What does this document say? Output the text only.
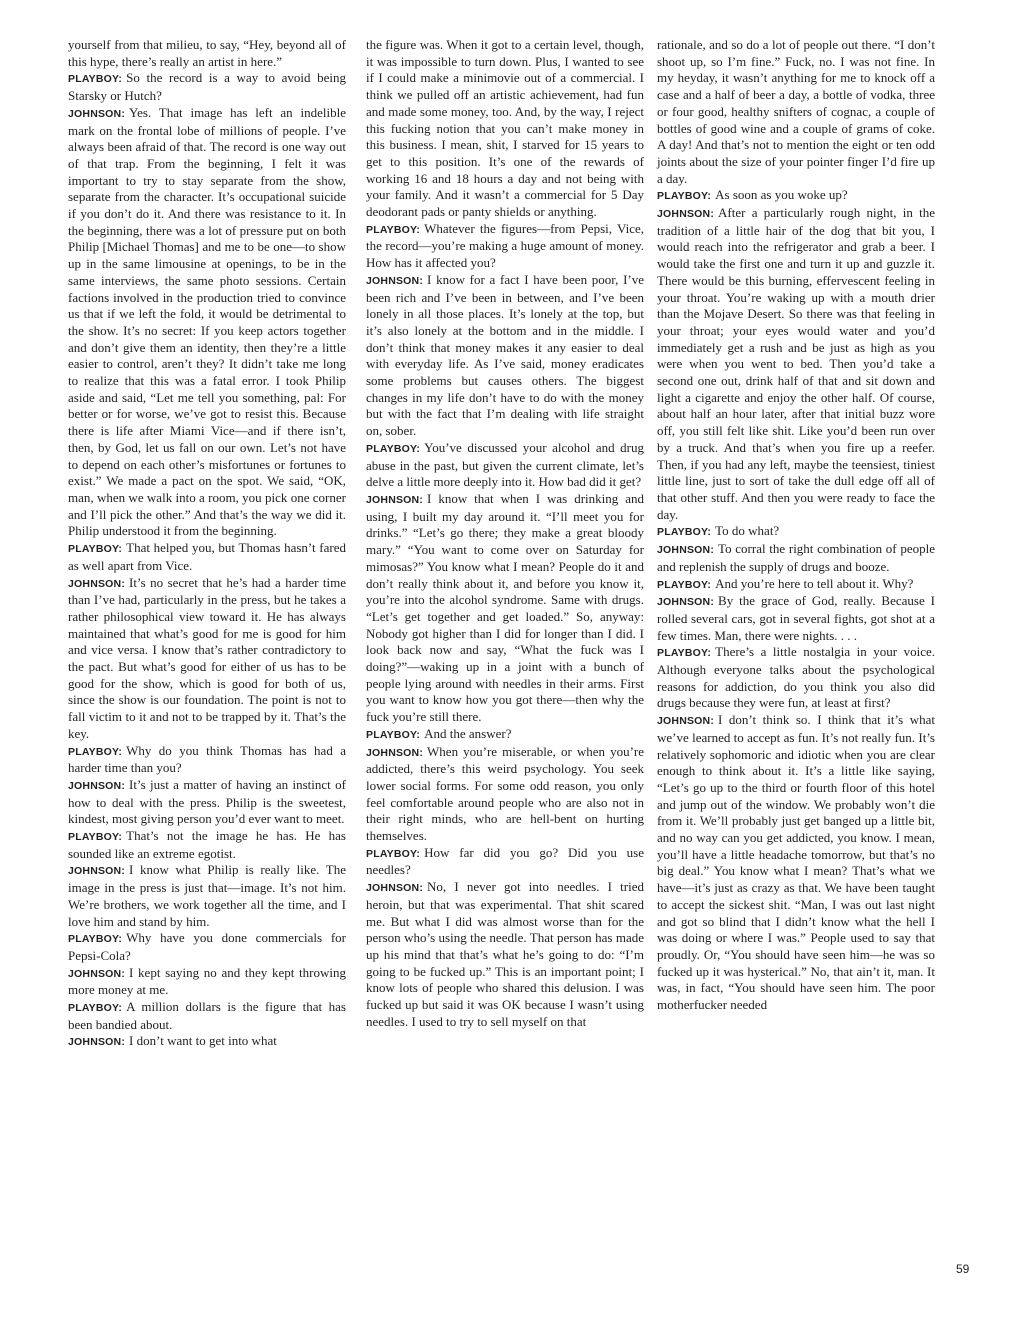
yourself from that milieu, to say, “Hey, beyond all of this hype, there’s really an artist in here.”

PLAYBOY: So the record is a way to avoid being Starsky or Hutch?

JOHNSON: Yes. That image has left an indelible mark on the frontal lobe of millions of people. I’ve always been afraid of that. The record is one way out of that trap. From the beginning, I felt it was important to try to stay separate from the show, separate from the character. It’s occupational suicide if you don’t do it. And there was resistance to it. In the beginning, there was a lot of pressure put on both Philip [Michael Thomas] and me to be one—to show up in the same limousine at openings, to be in the same interviews, the same photo sessions. Certain factions involved in the production tried to convince us that if we left the fold, it would be detrimental to the show. It’s no secret: If you keep actors together and don’t give them an identity, then they’re a little easier to control, aren’t they? It didn’t take me long to realize that this was a fatal error. I took Philip aside and said, “Let me tell you something, pal: For better or for worse, we’ve got to resist this. Because there is life after Miami Vice—and if there isn’t, then, by God, let us fall on our own. Let’s not have to depend on each other’s misfortunes or fortunes to exist.” We made a pact on the spot. We said, “OK, man, when we walk into a room, you pick one corner and I’ll pick the other.” And that’s the way we did it. Philip understood it from the beginning.

PLAYBOY: That helped you, but Thomas hasn’t fared as well apart from Vice.

JOHNSON: It’s no secret that he’s had a harder time than I’ve had, particularly in the press, but he takes a rather philosophical view toward it. He has always maintained that what’s good for me is good for him and vice versa. I know that’s rather contradictory to the pact. But what’s good for either of us has to be good for the show, which is good for both of us, since the show is our foundation. The point is not to fall victim to it and not to be trapped by it. That’s the key.

PLAYBOY: Why do you think Thomas has had a harder time than you?

JOHNSON: It’s just a matter of having an instinct of how to deal with the press. Philip is the sweetest, kindest, most giving person you’d ever want to meet.

PLAYBOY: That’s not the image he has. He has sounded like an extreme egotist.

JOHNSON: I know what Philip is really like. The image in the press is just that—image. It’s not him. We’re brothers, we work together all the time, and I love him and stand by him.

PLAYBOY: Why have you done commercials for Pepsi-Cola?

JOHNSON: I kept saying no and they kept throwing more money at me.

PLAYBOY: A million dollars is the figure that has been bandied about.

JOHNSON: I don’t want to get into what

the figure was. When it got to a certain level, though, it was impossible to turn down. Plus, I wanted to see if I could make a minimovie out of a commercial. I think we pulled off an artistic achievement, had fun and made some money, too. And, by the way, I reject this fucking notion that you can’t make money in this business. I mean, shit, I starved for 15 years to get to this position. It’s one of the rewards of working 16 and 18 hours a day and not being with your family. And it wasn’t a commercial for 5 Day deodorant pads or panty shields or anything.

PLAYBOY: Whatever the figures—from Pepsi, Vice, the record—you’re making a huge amount of money. How has it affected you?

JOHNSON: I know for a fact I have been poor, I’ve been rich and I’ve been in between, and I’ve been lonely in all those places. It’s lonely at the top, but it’s also lonely at the bottom and in the middle. I don’t think that money makes it any easier to deal with everyday life. As I’ve said, money eradicates some problems but causes others. The biggest changes in my life don’t have to do with the money but with the fact that I’m dealing with life straight on, sober.

PLAYBOY: You’ve discussed your alcohol and drug abuse in the past, but given the current climate, let’s delve a little more deeply into it. How bad did it get?

JOHNSON: I know that when I was drinking and using, I built my day around it. “I’ll meet you for drinks.” “Let’s go there; they make a great bloody mary.” “You want to come over on Saturday for mimosas?” You know what I mean? People do it and don’t really think about it, and before you know it, you’re into the alcohol syndrome. Same with drugs. “Let’s get together and get loaded.” So, anyway: Nobody got higher than I did for longer than I did. I look back now and say, “What the fuck was I doing?”—waking up in a joint with a bunch of people lying around with needles in their arms. First you want to know how you got there—then why the fuck you’re still there.

PLAYBOY: And the answer?

JOHNSON: When you’re miserable, or when you’re addicted, there’s this weird psychology. You seek lower social forms. For some odd reason, you only feel comfortable around people who are also not in their right minds, who are hell-bent on hurting themselves.

PLAYBOY: How far did you go? Did you use needles?

JOHNSON: No, I never got into needles. I tried heroin, but that was experimental. That shit scared me. But what I did was almost worse than for the person who’s using the needle. That person has made up his mind that that’s what he’s going to do: “I’m going to be fucked up.” This is an important point; I know lots of people who shared this delusion. I was fucked up but said it was OK because I wasn’t using needles. I used to try to sell myself on that

rationale, and so do a lot of people out there. “I don’t shoot up, so I’m fine.” Fuck, no. I was not fine. In my heyday, it wasn’t anything for me to knock off a case and a half of beer a day, a bottle of vodka, three or four good, healthy snifters of cognac, a couple of bottles of good wine and a couple of grams of coke. A day! And that’s not to mention the eight or ten odd joints about the size of your pointer finger I’d fire up a day.

PLAYBOY: As soon as you woke up?

JOHNSON: After a particularly rough night, in the tradition of a little hair of the dog that bit you, I would reach into the refrigerator and grab a beer. I would take the first one and turn it up and guzzle it. There would be this burning, effervescent feeling in your throat. You’re waking up with a mouth drier than the Mojave Desert. So there was that feeling in your throat; your eyes would water and you’d immediately get a rush and be just as high as you were when you went to bed. Then you’d take a second one out, drink half of that and sit down and light a cigarette and enjoy the other half. Of course, about half an hour later, after that initial buzz wore off, you still felt like shit. Like you’d been run over by a truck. And that’s when you fire up a reefer. Then, if you had any left, maybe the teensiest, tiniest little line, just to sort of take the dull edge off all of that other stuff. And then you were ready to face the day.

PLAYBOY: To do what?

JOHNSON: To corral the right combination of people and replenish the supply of drugs and booze.

PLAYBOY: And you’re here to tell about it. Why?

JOHNSON: By the grace of God, really. Because I rolled several cars, got in several fights, got shot at a few times. Man, there were nights. . . .

PLAYBOY: There’s a little nostalgia in your voice. Although everyone talks about the psychological reasons for addiction, do you think you also did drugs because they were fun, at least at first?

JOHNSON: I don’t think so. I think that it’s what we’ve learned to accept as fun. It’s not really fun. It’s relatively sophomoric and idiotic when you are clear enough to think about it. It’s a little like saying, “Let’s go up to the third or fourth floor of this hotel and jump out of the window. We probably won’t die from it. We’ll probably just get banged up a little bit, and no way can you get addicted, you know. I mean, you’ll have a little headache tomorrow, but that’s no big deal.” You know what I mean? That’s what we have—it’s just as crazy as that. We have been taught to accept the sickest shit. “Man, I was out last night and got so blind that I didn’t know what the hell I was doing or where I was.” People used to say that proudly. Or, “You should have seen him—he was so fucked up it was hysterical.” No, that ain’t it, man. It was, in fact, “You should have seen him. The poor motherfucker needed

59
